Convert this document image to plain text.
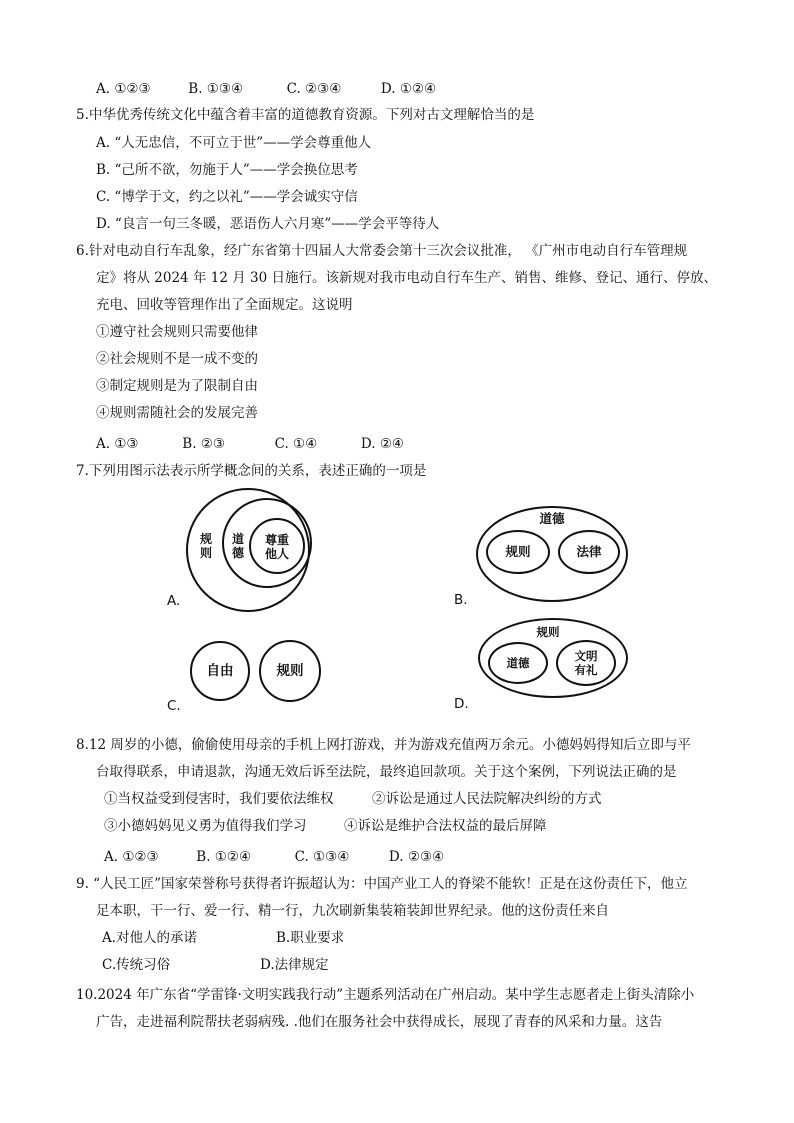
A. ①②③	B. ①③④	C. ②③④	D. ①②④
5.中华优秀传统文化中蕴含着丰富的道德教育资源。下列对古文理解恰当的是
A. “人无忠信，不可立于世”——学会尊重他人
B. “己所不欲，勿施于人”——学会换位思考
C. “博学于文，约之以礼”——学会诚实守信
D. “良言一句三冬暖，恶语伤人六月寒”——学会平等待人
6.针对电动自行车乱象，经广东省第十四届人大常委会第十三次会议批准， 《广州市电动自行车管理规
定》将从 2024 年 12 月 30 日施行。该新规对我市电动自行车生产、销售、维修、登记、通行、停放、
充电、回收等管理作出了全面规定。这说明
①遵守社会规则只需要他律
②社会规则不是一成不变的
③制定规则是为了限制自由
④规则需随社会的发展完善
A. ①③	B. ②③	C. ①④	D. ②④
7.下列用图示法表示所学概念间的关系，表述正确的一项是
规则
道德
尊重
他人
A.
道德
规则	法律
B.
自由	规则
C.
规则
道德	文明
有礼
D.
8.12 周岁的小德，偷偷使用母亲的手机上网打游戏，并为游戏充值两万余元。小德妈妈得知后立即与平
台取得联系，申请退款，沟通无效后诉至法院，最终追回款项。关于这个案例，下列说法正确的是
①当权益受到侵害时，我们要依法维权	②诉讼是通过人民法院解决纠纷的方式
③小德妈妈见义勇为值得我们学习	④诉讼是维护合法权益的最后屏障
A. ①②③	B. ①②④	C. ①③④	D. ②③④
9. “人民工匠”国家荣誉称号获得者许振超认为：中国产业工人的脊梁不能软！正是在这份责任下，他立
足本职，干一行、爱一行、精一行，九次刷新集装箱装卸世界纪录。他的这份责任来自
A.对他人的承诺	B.职业要求
C.传统习俗	D.法律规定
10.2024 年广东省“学雷锋·文明实践我行动”主题系列活动在广州启动。某中学生志愿者走上街头清除小
广告，走进福利院帮扶老弱病残. .他们在服务社会中获得成长，展现了青春的风采和力量。这告
